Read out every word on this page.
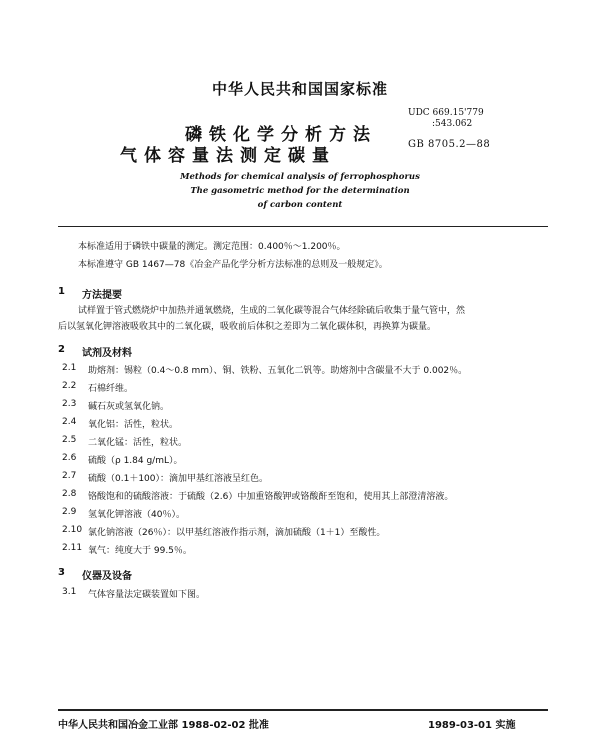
中华人民共和国国家标准
磷铁化学分析方法
气体容量法测定碳量
UDC 669.15'779
:543.062
GB 8705.2—88
Methods for chemical analysis of ferrophosphorus
The gasometric method for the determination
of carbon content
本标准适用于磷铁中碳量的测定。测定范围：0.400％～1.200％。
本标准遵守 GB 1467—78《冶金产品化学分析方法标准的总则及一般规定》。
1 方法提要
试样置于管式燃烧炉中加热并通氧燃烧，生成的二氧化碳等混合气体经除硫后收集于量气管中，然
后以氢氧化钾溶液吸收其中的二氧化碳，吸收前后体积之差即为二氧化碳体积，再换算为碳量。
2 试剂及材料
2.1 助熔剂：锡粒（0.4～0.8 mm）、铜、铁粉、五氧化二钒等。助熔剂中含碳量不大于 0.002％。
2.2 石棉纤维。
2.3 碱石灰或氢氧化钠。
2.4 氧化铝：活性，粒状。
2.5 二氧化锰：活性，粒状。
2.6 硫酸（ρ 1.84 g/mL）。
2.7 硫酸（0.1＋100）：滴加甲基红溶液呈红色。
2.8 铬酸饱和的硫酸溶液：于硫酸（2.6）中加重铬酸钾或铬酸酐至饱和，使用其上部澄清溶液。
2.9 氢氧化钾溶液（40％）。
2.10 氯化钠溶液（26％）：以甲基红溶液作指示剂，滴加硫酸（1＋1）至酸性。
2.11 氧气：纯度大于 99.5％。
3 仪器及设备
3.1 气体容量法定碳装置如下图。
中华人民共和国冶金工业部 1988-02-02 批准	1989-03-01 实施
